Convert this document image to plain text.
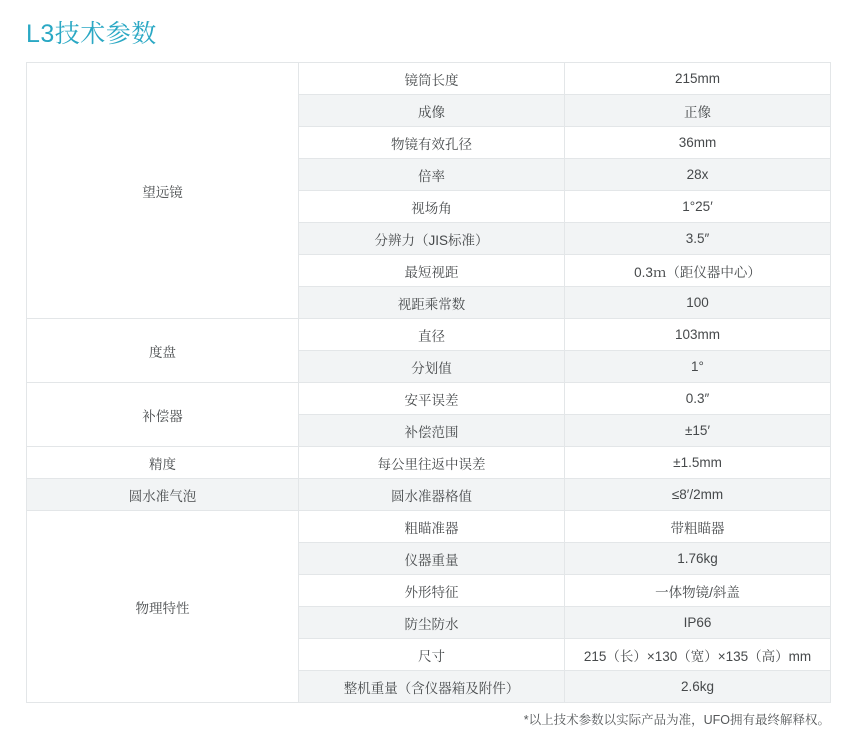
L3技术参数
望远镜	镜筒长度	215mm
	成像	正像
	物镜有效孔径	36mm
	倍率	28x
	视场角	1°25′
	分辨力（JIS标准）	3.5″
	最短视距	0.3ｍ（距仪器中心）
	视距乘常数	100
度盘	直径	103mm
	分划值	1°
补偿器	安平误差	0.3″
	补偿范围	±15′
精度	每公里往返中误差	±1.5mm
圆水准气泡	圆水准器格值	≤8′/2mm
物理特性	粗瞄准器	带粗瞄器
	仪器重量	1.76kg
	外形特征	一体物镜/斜盖
	防尘防水	IP66
	尺寸	215（长）×130（宽）×135（高）mm
	整机重量（含仪器箱及附件）	2.6kg
*以上技术参数以实际产品为准，UFO拥有最终解释权。
